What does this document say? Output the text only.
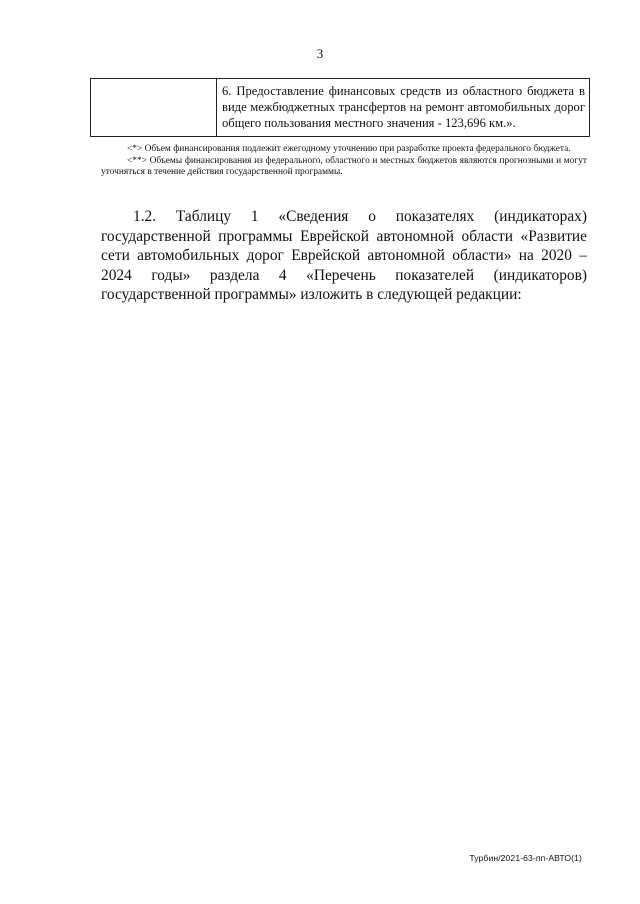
3
	6. Предоставление финансовых средств из областного бюджета в виде межбюджетных трансфертов на ремонт автомобильных дорог общего пользования местного значения - 123,696 км.».

<*> Объем финансирования подлежит ежегодному уточнению при разработке проекта федерального бюджета.

<**> Объемы финансирования из федерального, областного и местных бюджетов являются прогнозными и могут уточняться в течение действия государственной программы.

1.2. Таблицу 1 «Сведения о показателях (индикаторах) государственной программы Еврейской автономной области «Развитие сети автомобильных дорог Еврейской автономной области» на 2020 – 2024 годы» раздела 4 «Перечень показателей (индикаторов) государственной программы» изложить в следующей редакции:

Турбин/2021-63-пп-АВТО(1)
